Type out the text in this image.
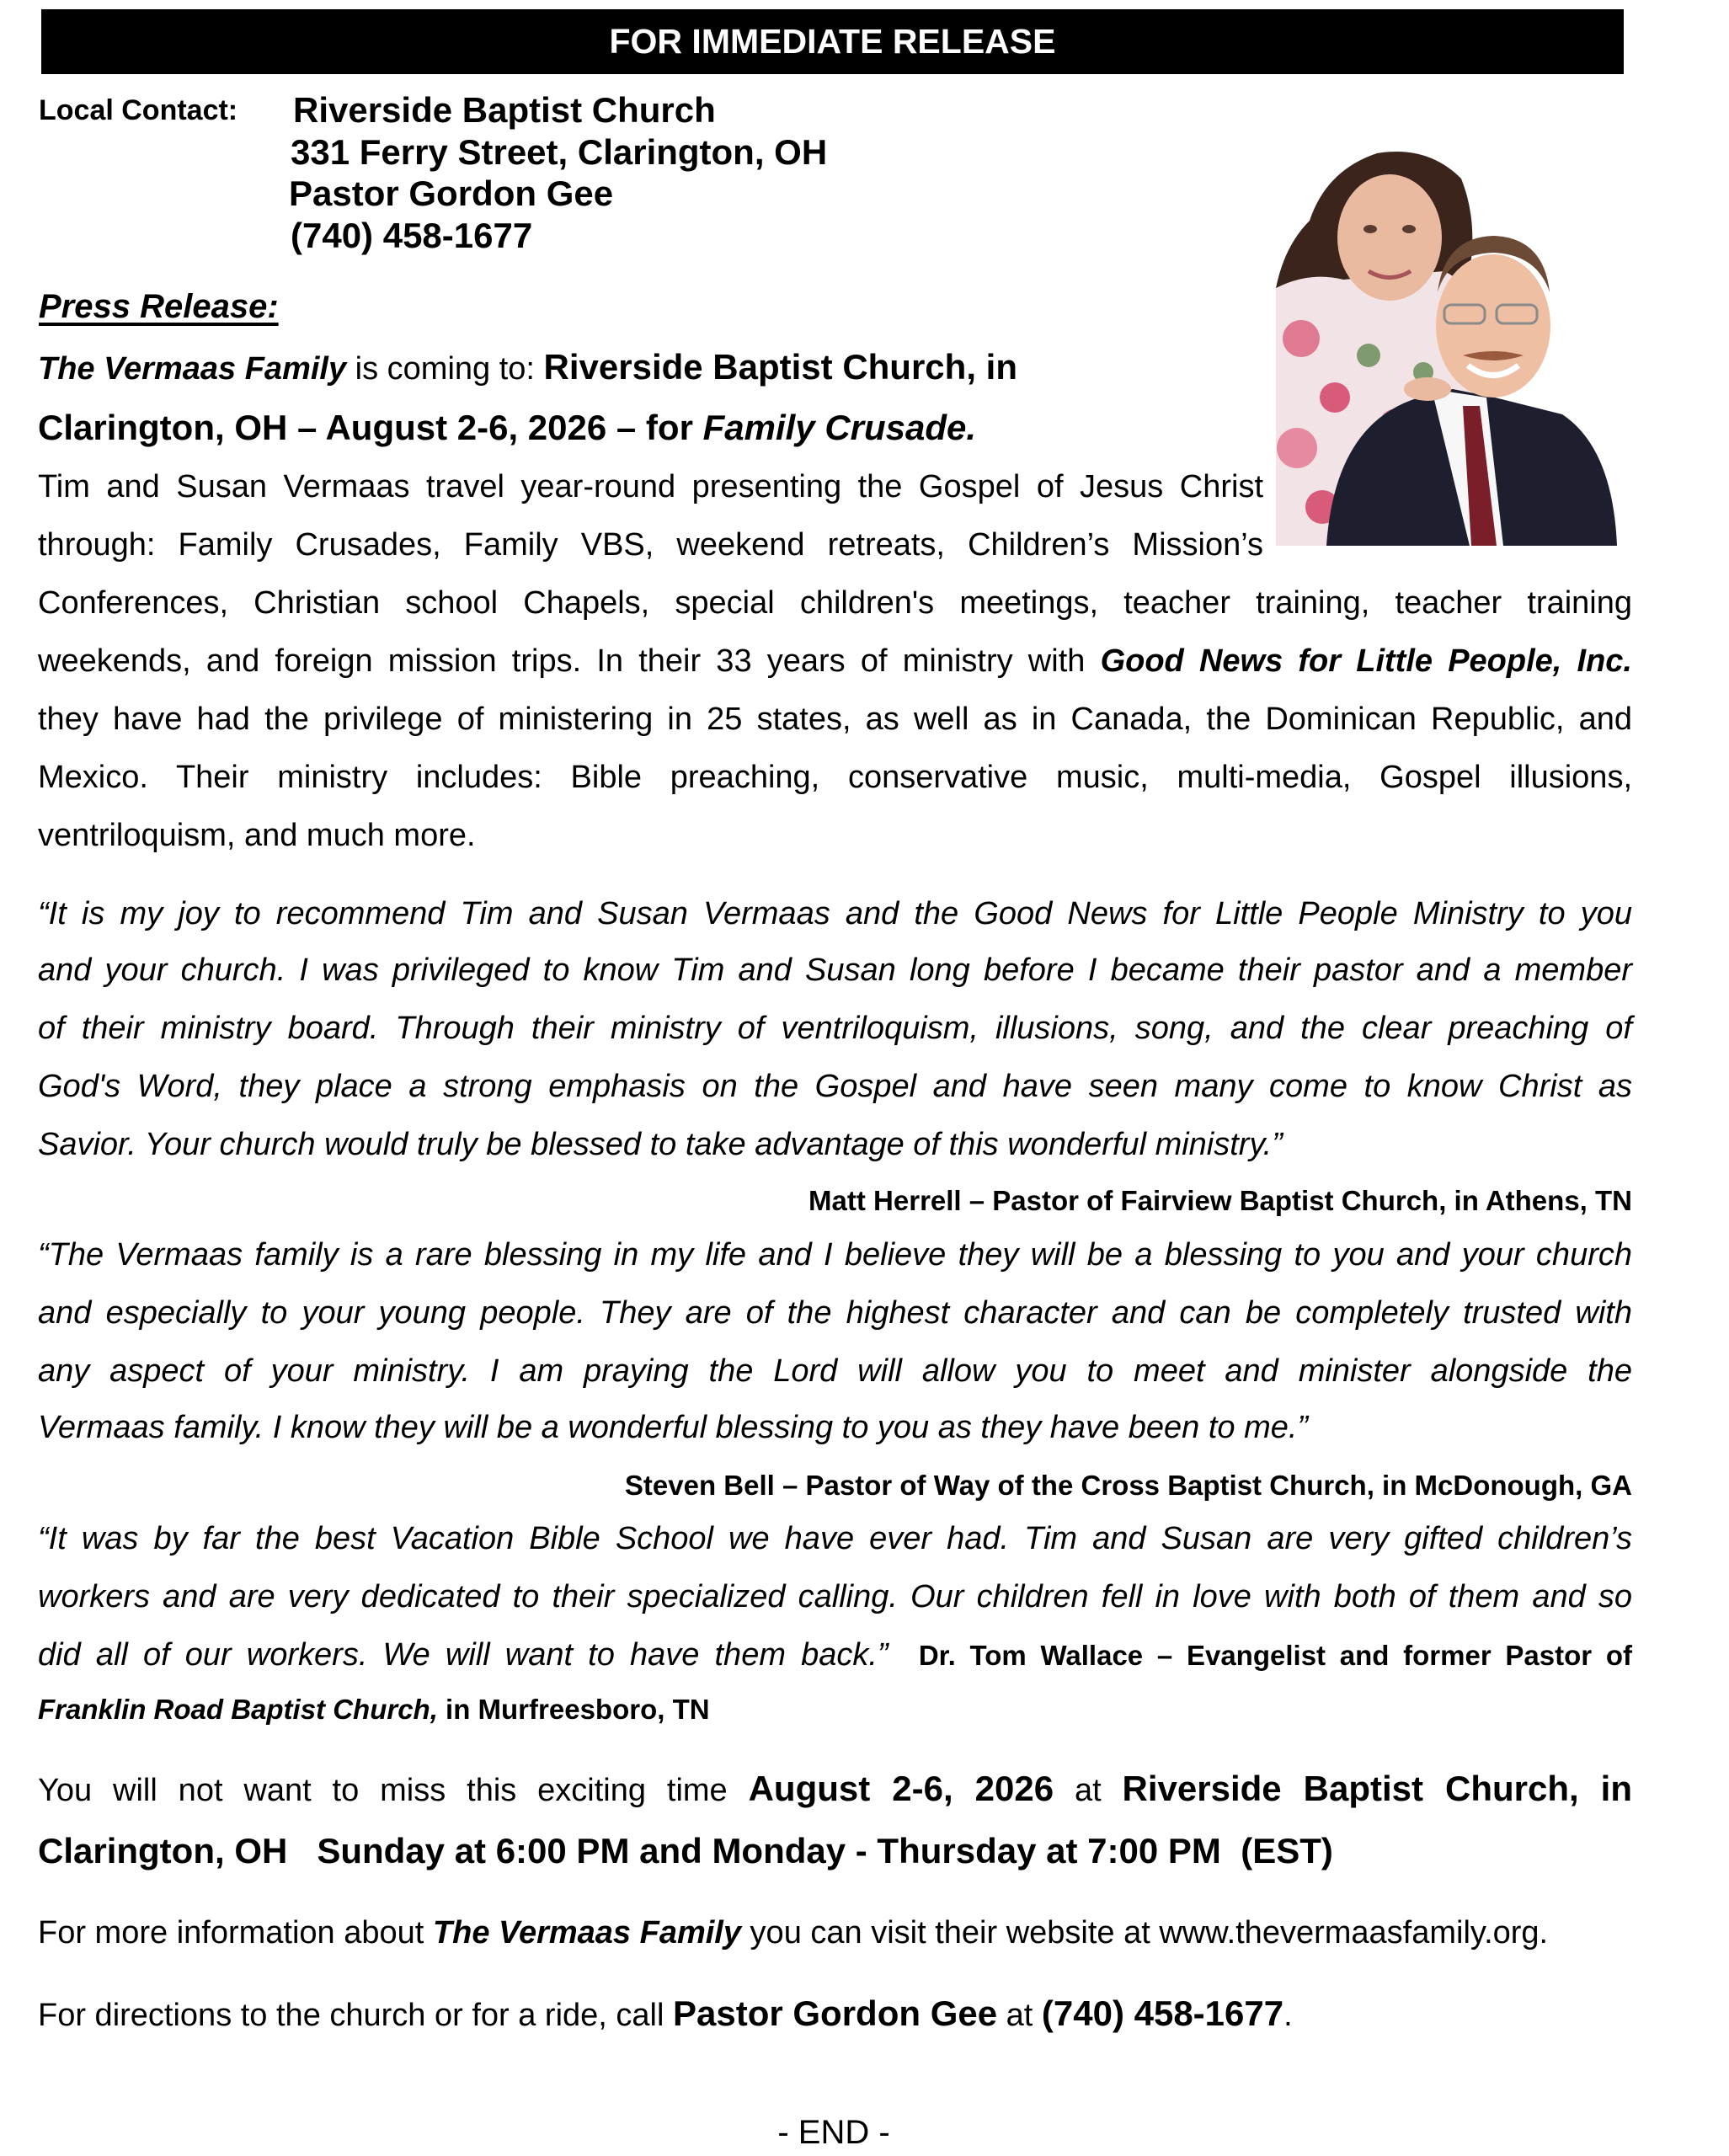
FOR IMMEDIATE RELEASE
Local Contact: Riverside Baptist Church
331 Ferry Street, Clarington, OH
Pastor Gordon Gee
(740) 458-1677
Press Release:
The Vermaas Family is coming to: Riverside Baptist Church, in
Clarington, OH – August 2-6, 2026 – for Family Crusade.
Tim and Susan Vermaas travel year-round presenting the Gospel of Jesus Christ
through: Family Crusades, Family VBS, weekend retreats, Children’s Mission’s
Conferences, Christian school Chapels, special children's meetings, teacher training, teacher training
weekends, and foreign mission trips. In their 33 years of ministry with Good News for Little People, Inc.
they have had the privilege of ministering in 25 states, as well as in Canada, the Dominican Republic, and
Mexico. Their ministry includes: Bible preaching, conservative music, multi-media, Gospel illusions,
ventriloquism, and much more.
“It is my joy to recommend Tim and Susan Vermaas and the Good News for Little People Ministry to you
and your church. I was privileged to know Tim and Susan long before I became their pastor and a member
of their ministry board. Through their ministry of ventriloquism, illusions, song, and the clear preaching of
God's Word, they place a strong emphasis on the Gospel and have seen many come to know Christ as
Savior. Your church would truly be blessed to take advantage of this wonderful ministry.”
Matt Herrell – Pastor of Fairview Baptist Church, in Athens, TN
“The Vermaas family is a rare blessing in my life and I believe they will be a blessing to you and your church
and especially to your young people. They are of the highest character and can be completely trusted with
any aspect of your ministry. I am praying the Lord will allow you to meet and minister alongside the
Vermaas family. I know they will be a wonderful blessing to you as they have been to me.”
Steven Bell – Pastor of Way of the Cross Baptist Church, in McDonough, GA
“It was by far the best Vacation Bible School we have ever had. Tim and Susan are very gifted children’s
workers and are very dedicated to their specialized calling. Our children fell in love with both of them and so
did all of our workers. We will want to have them back.” Dr. Tom Wallace – Evangelist and former Pastor of
Franklin Road Baptist Church, in Murfreesboro, TN
You will not want to miss this exciting time August 2-6, 2026 at Riverside Baptist Church, in
Clarington, OH   Sunday at 6:00 PM and Monday - Thursday at 7:00 PM  (EST)
For more information about The Vermaas Family you can visit their website at www.thevermaasfamily.org.
For directions to the church or for a ride, call Pastor Gordon Gee at (740) 458-1677.
- END -
